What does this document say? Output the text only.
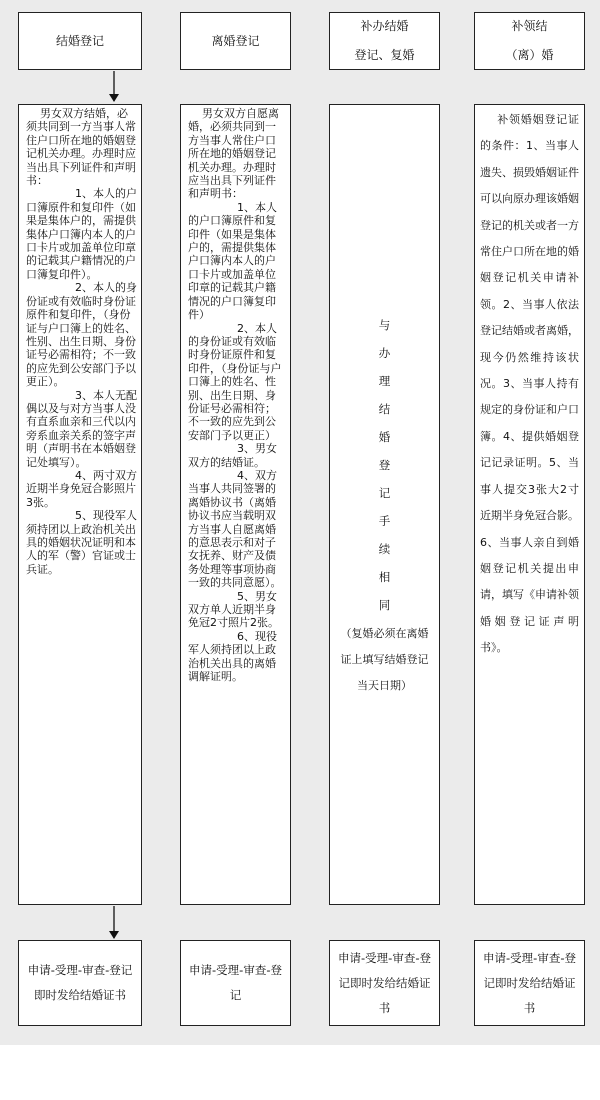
结婚登记

男女双方结婚，必须共同到一方当事人常住户口所在地的婚姻登记机关办理。办理时应当出具下列证件和声明书：

1、本人的户口簿原件和复印件（如果是集体户的，需提供集体户口簿内本人的户口卡片或加盖单位印章的记载其户籍情况的户口簿复印件）。

2、本人的身份证或有效临时身份证原件和复印件，（身份证与户口簿上的姓名、性别、出生日期、身份证号必需相符；不一致的应先到公安部门予以更正）。

3、本人无配偶以及与对方当事人没有直系血亲和三代以内旁系血亲关系的签字声明（声明书在本婚姻登记处填写）。

4、两寸双方近期半身免冠合影照片3张。

5、现役军人须持团以上政治机关出具的婚姻状况证明和本人的军（警）官证或士兵证。

申请-受理-审查-登记即时发给结婚证书
离婚登记

男女双方自愿离婚，必须共同到一方当事人常住户口所在地的婚姻登记机关办理。办理时应当出具下列证件和声明书：

1、本人的户口簿原件和复印件（如果是集体户的，需提供集体户口簿内本人的户口卡片或加盖单位印章的记载其户籍情况的户口簿复印件）

2、本人的身份证或有效临时身份证原件和复印件，（身份证与户口簿上的姓名、性别、出生日期、身份证号必需相符；不一致的应先到公安部门予以更正）

3、男女双方的结婚证。

4、双方当事人共同签署的离婚协议书（离婚协议书应当载明双方当事人自愿离婚的意思表示和对子女抚养、财产及债务处理等事项协商一致的共同意愿）。

5、男女双方单人近期半身免冠2寸照片2张。

6、现役军人须持团以上政治机关出具的离婚调解证明。

申请-受理-审查-登记
补办结婚
登记、复婚
与
办
理
结
婚
登
记
手
续
相
同
（复婚必须在离婚证上填写结婚登记当天日期）
申请-受理-审查-登记即时发给结婚证书
补领结
（离）婚

补领婚姻登记证的条件：1、当事人遗失、损毁婚姻证件可以向原办理该婚姻登记的机关或者一方常住户口所在地的婚姻登记机关申请补领。2、当事人依法登记结婚或者离婚，现今仍然维持该状况。3、当事人持有规定的身份证和户口簿。4、提供婚姻登记记录证明。5、当事人提交3张大2寸近期半身免冠合影。6、当事人亲自到婚姻登记机关提出申请，填写《申请补领婚姻登记证声明书》。

申请-受理-审查-登记即时发给结婚证书
